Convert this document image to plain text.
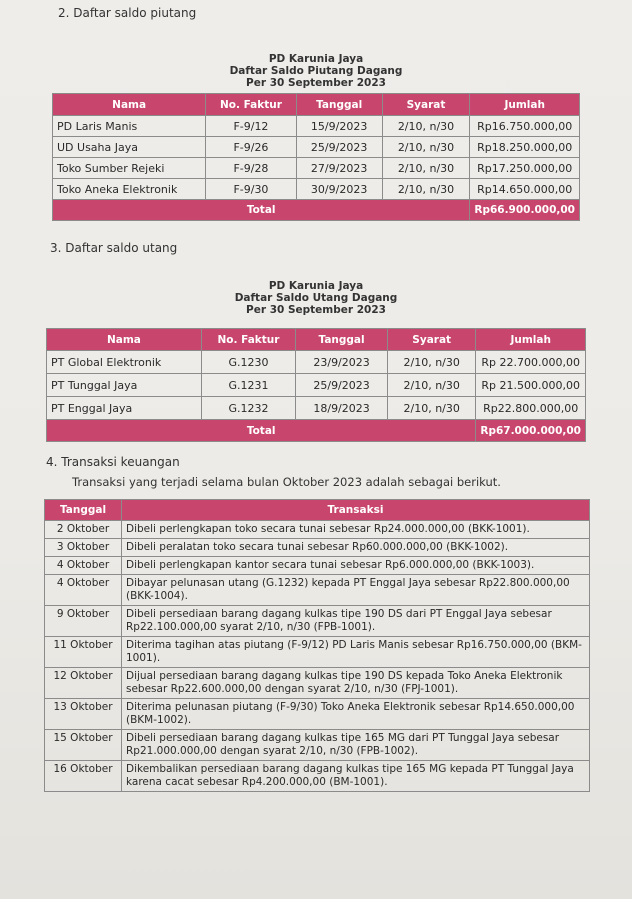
2. Daftar saldo piutang
PD Karunia Jaya
Daftar Saldo Piutang Dagang
Per 30 September 2023
Nama	No. Faktur	Tanggal	Syarat	Jumlah
PD Laris Manis	F-9/12	15/9/2023	2/10, n/30	Rp16.750.000,00
UD Usaha Jaya	F-9/26	25/9/2023	2/10, n/30	Rp18.250.000,00
Toko Sumber Rejeki	F-9/28	27/9/2023	2/10, n/30	Rp17.250.000,00
Toko Aneka Elektronik	F-9/30	30/9/2023	2/10, n/30	Rp14.650.000,00
Total				Rp66.900.000,00
3. Daftar saldo utang
PD Karunia Jaya
Daftar Saldo Utang Dagang
Per 30 September 2023
Nama	No. Faktur	Tanggal	Syarat	Jumlah
PT Global Elektronik	G.1230	23/9/2023	2/10, n/30	Rp 22.700.000,00
PT Tunggal Jaya	G.1231	25/9/2023	2/10, n/30	Rp 21.500.000,00
PT Enggal Jaya	G.1232	18/9/2023	2/10, n/30	Rp22.800.000,00
Total				Rp67.000.000,00
4. Transaksi keuangan
Transaksi yang terjadi selama bulan Oktober 2023 adalah sebagai berikut.
Tanggal	Transaksi
2 Oktober	Dibeli perlengkapan toko secara tunai sebesar Rp24.000.000,00 (BKK-1001).
3 Oktober	Dibeli peralatan toko secara tunai sebesar Rp60.000.000,00 (BKK-1002).
4 Oktober	Dibeli perlengkapan kantor secara tunai sebesar Rp6.000.000,00 (BKK-1003).
4 Oktober	Dibayar pelunasan utang (G.1232) kepada PT Enggal Jaya sebesar Rp22.800.000,00 (BKK-1004).
9 Oktober	Dibeli persediaan barang dagang kulkas tipe 190 DS dari PT Enggal Jaya sebesar Rp22.100.000,00 syarat 2/10, n/30 (FPB-1001).
11 Oktober	Diterima tagihan atas piutang (F-9/12) PD Laris Manis sebesar Rp16.750.000,00 (BKM-1001).
12 Oktober	Dijual persediaan barang dagang kulkas tipe 190 DS kepada Toko Aneka Elektronik sebesar Rp22.600.000,00 dengan syarat 2/10, n/30 (FPJ-1001).
13 Oktober	Diterima pelunasan piutang (F-9/30) Toko Aneka Elektronik sebesar Rp14.650.000,00 (BKM-1002).
15 Oktober	Dibeli persediaan barang dagang kulkas tipe 165 MG dari PT Tunggal Jaya sebesar Rp21.000.000,00 dengan syarat 2/10, n/30 (FPB-1002).
16 Oktober	Dikembalikan persediaan barang dagang kulkas tipe 165 MG kepada PT Tunggal Jaya karena cacat sebesar Rp4.200.000,00 (BM-1001).
